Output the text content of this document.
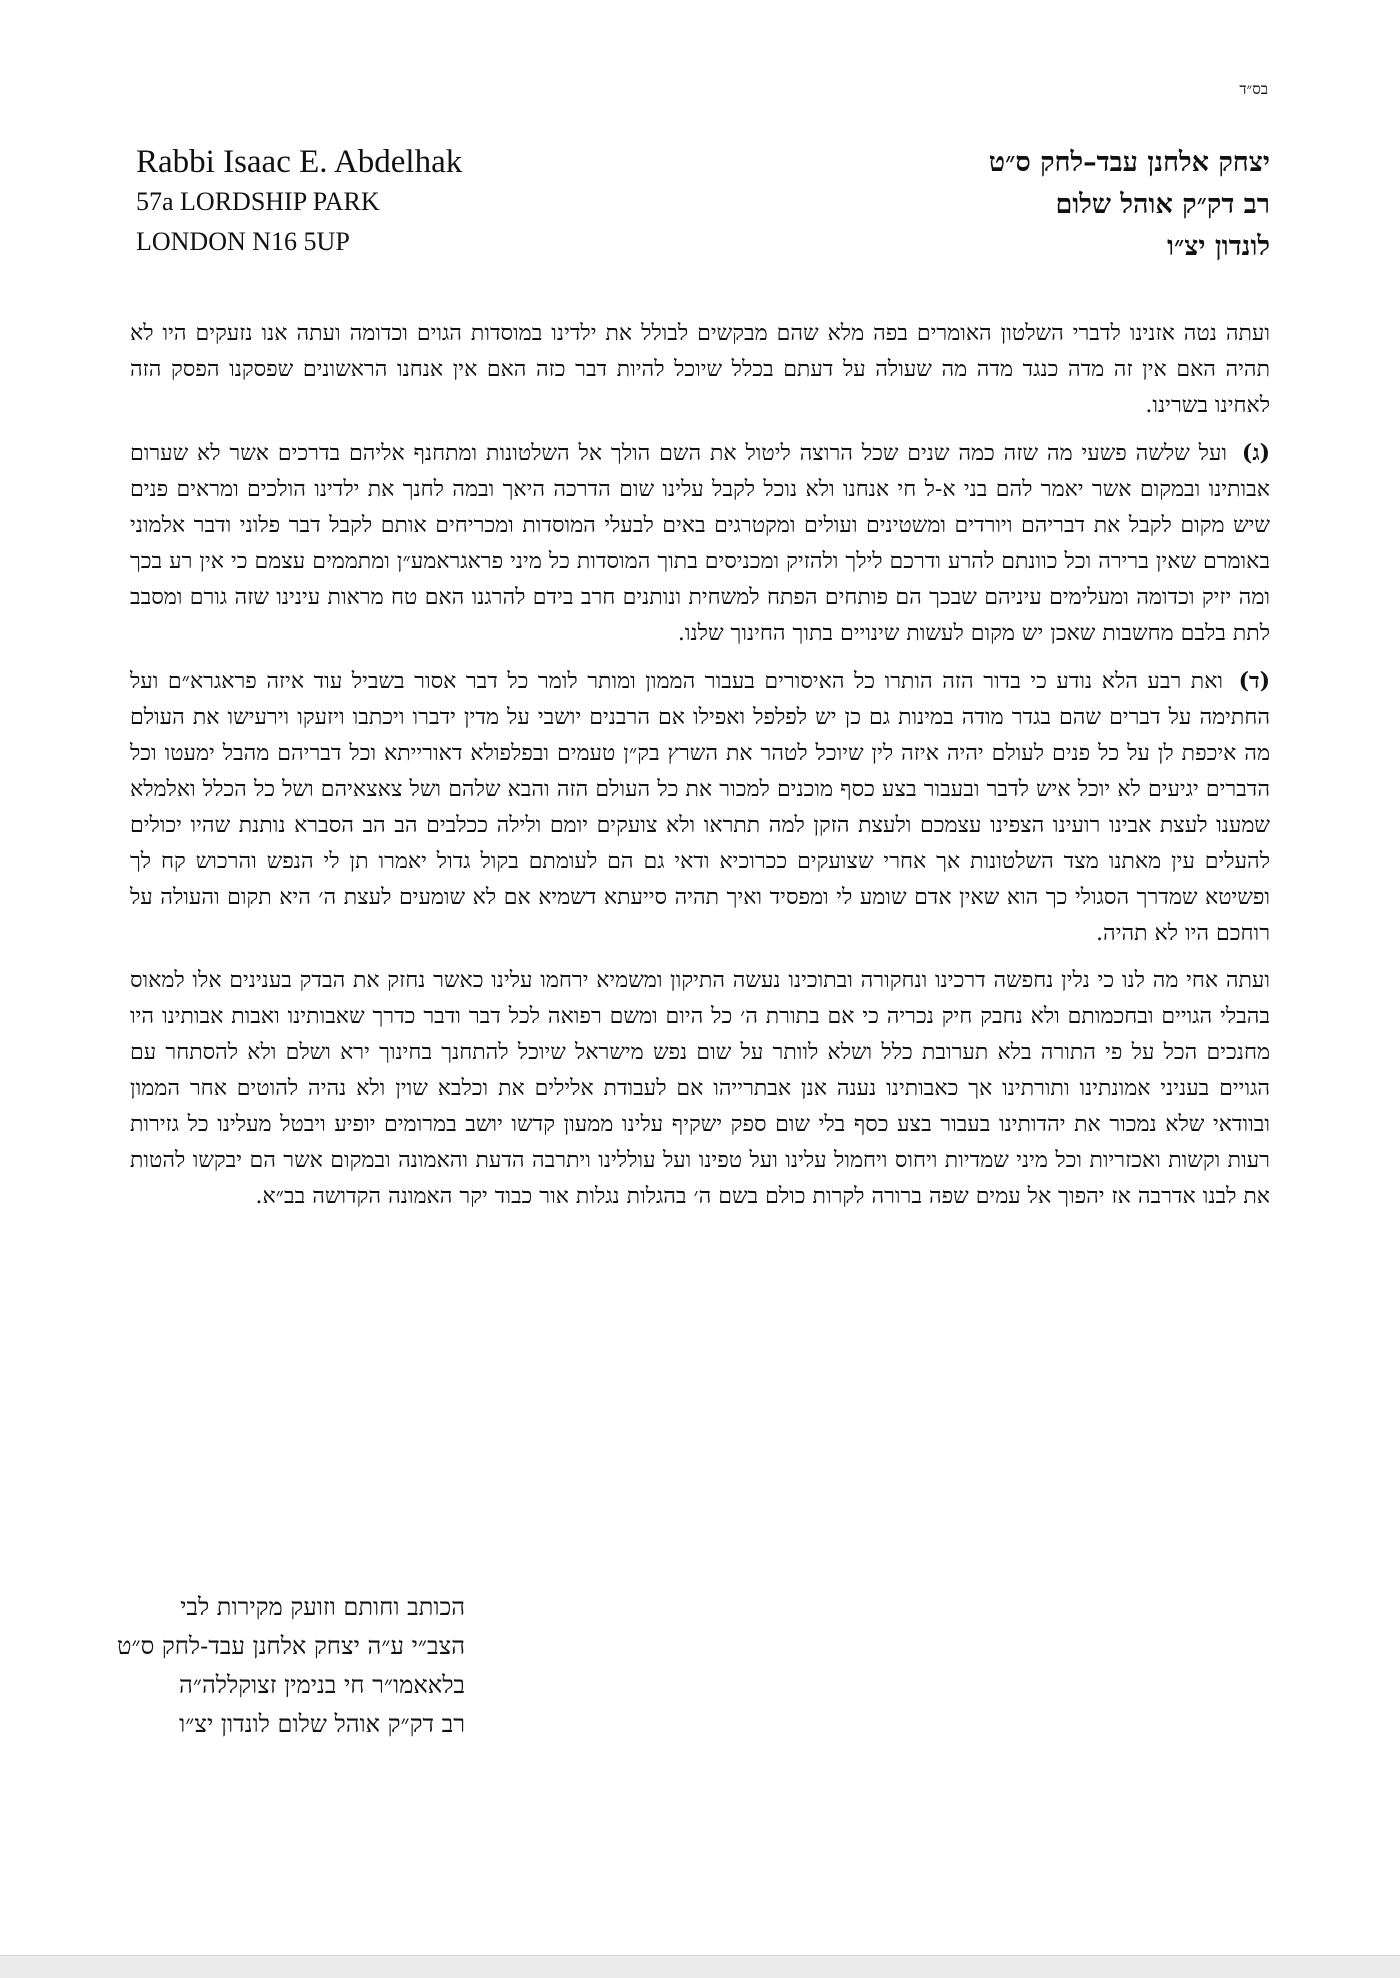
בס״ד
Rabbi Isaac E. Abdelhak
57a LORDSHIP PARK
LONDON N16 5UP
יצחק אלחנן עבד–לחק ס״ט
רב דק״ק אוהל שלום
לונדון יצ״ו

ועתה נטה אזנינו לדברי השלטון האומרים בפה מלא שהם מבקשים לבולל את ילדינו במוסדות הגוים וכדומה ועתה אנו נזעקים היו לא תהיה האם אין זה מדה כנגד מדה מה שעולה על דעתם בכלל שיוכל להיות דבר כזה האם אין אנחנו הראשונים שפסקנו הפסק הזה לאחינו בשרינו.

(ג) ועל שלשה פשעי מה שזה כמה שנים שכל הרוצה ליטול את השם הולך אל השלטונות ומתחנף אליהם בדרכים אשר לא שערום אבותינו ובמקום אשר יאמר להם בני א-ל חי אנחנו ולא נוכל לקבל עלינו שום הדרכה היאך ובמה לחנך את ילדינו הולכים ומראים פנים שיש מקום לקבל את דבריהם ויורדים ומשטינים ועולים ומקטרגים באים לבעלי המוסדות ומכריחים אותם לקבל דבר פלוני ודבר אלמוני באומרם שאין ברירה וכל כוונתם להרע ודרכם לילך ולהזיק ומכניסים בתוך המוסדות כל מיני פראגראמע״ן ומתממים עצמם כי אין רע בכך ומה יזיק וכדומה ומעלימים עיניהם שבכך הם פותחים הפתח למשחית ונותנים חרב בידם להרגנו האם טח מראות עינינו שזה גורם ומסבב לתת בלבם מחשבות שאכן יש מקום לעשות שינויים בתוך החינוך שלנו.

(ד) ואת רבע הלא נודע כי בדור הזה הותרו כל האיסורים בעבור הממון ומותר לומר כל דבר אסור בשביל עוד איזה פראגרא״ם ועל החתימה על דברים שהם בגדר מודה במינות גם כן יש לפלפל ואפילו אם הרבנים יושבי על מדין ידברו ויכתבו ויזעקו וירעישו את העולם מה איכפת לן על כל פנים לעולם יהיה איזה לין שיוכל לטהר את השרץ בק״ן טעמים ובפלפולא דאורייתא וכל דבריהם מהבל ימעטו וכל הדברים יגיעים לא יוכל איש לדבר ובעבור בצע כסף מוכנים למכור את כל העולם הזה והבא שלהם ושל צאצאיהם ושל כל הכלל ואלמלא שמענו לעצת אבינו רועינו הצפינו עצמכם ולעצת הזקן למה תתראו ולא צועקים יומם ולילה ככלבים הב הב הסברא נותנת שהיו יכולים להעלים עין מאתנו מצד השלטונות אך אחרי שצועקים ככרוכיא ודאי גם הם לעומתם בקול גדול יאמרו תן לי הנפש והרכוש קח לך ופשיטא שמדרך הסגולי כך הוא שאין אדם שומע לי ומפסיד ואיך תהיה סייעתא דשמיא אם לא שומעים לעצת ה׳ היא תקום והעולה על רוחכם היו לא תהיה.

ועתה אחי מה לנו כי נלין נחפשה דרכינו ונחקורה ובתוכינו נעשה התיקון ומשמיא ירחמו עלינו כאשר נחזק את הבדק בענינים אלו למאוס בהבלי הגויים ובחכמותם ולא נחבק חיק נכריה כי אם בתורת ה׳ כל היום ומשם רפואה לכל דבר ודבר כדרך שאבותינו ואבות אבותינו היו מחנכים הכל על פי התורה בלא תערובת כלל ושלא לוותר על שום נפש מישראל שיוכל להתחנך בחינוך ירא ושלם ולא להסתחר עם הגויים בעניני אמונתינו ותורתינו אך כאבותינו נענה אנן אבתרייהו אם לעבודת אלילים את וכלבא שוין ולא נהיה להוטים אחר הממון ובוודאי שלא נמכור את יהדותינו בעבור בצע כסף בלי שום ספק ישקיף עלינו ממעון קדשו יושב במרומים יופיע ויבטל מעלינו כל גזירות רעות וקשות ואכזריות וכל מיני שמדיות ויחוס ויחמול עלינו ועל טפינו ועל עוללינו ויתרבה הדעת והאמונה ובמקום אשר הם יבקשו להטות את לבנו אדרבה אז יהפוך אל עמים שפה ברורה לקרות כולם בשם ה׳ בהגלות נגלות אור כבוד יקר האמונה הקדושה בב״א.

הכותב וחותם וזועק מקירות לבי
הצב״י ע״ה יצחק אלחנן עבד-לחק ס״ט
בלאאמו״ר חי בנימין זצוקללה״ה
רב דק״ק אוהל שלום לונדון יצ״ו
